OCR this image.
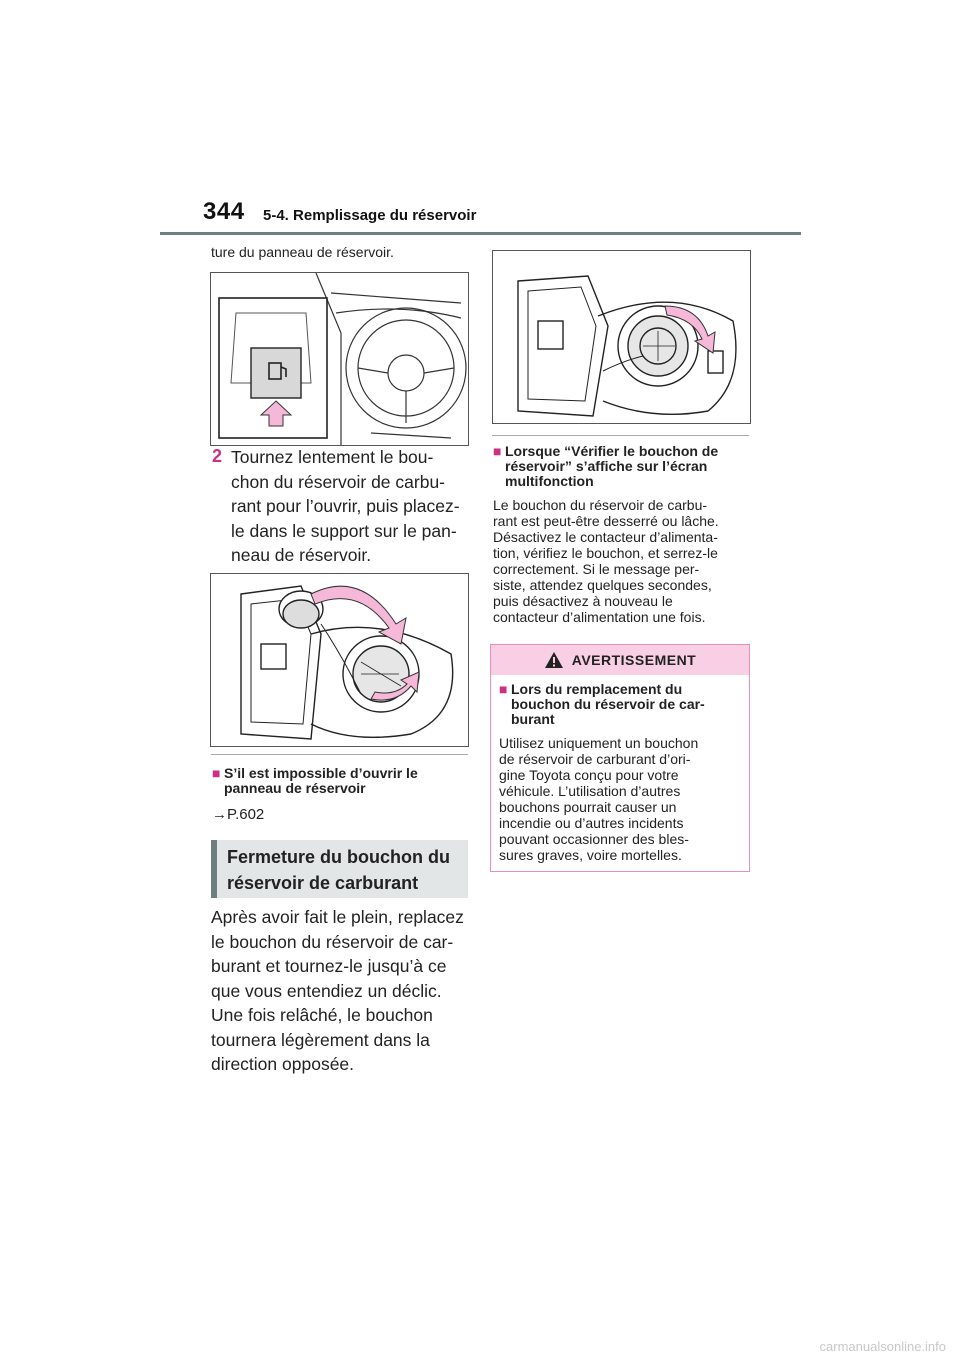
344 5-4. Remplissage du réservoir
ture du panneau de réservoir.
2 Tournez lentement le bou-
chon du réservoir de carbu-
rant pour l’ouvrir, puis placez-
le dans le support sur le pan-
neau de réservoir.
■ S’il est impossible d’ouvrir le
panneau de réservoir
→P.602
Fermeture du bouchon du
réservoir de carburant
Après avoir fait le plein, replacez
le bouchon du réservoir de car-
burant et tournez-le jusqu’à ce
que vous entendiez un déclic.
Une fois relâché, le bouchon
tournera légèrement dans la
direction opposée.
■ Lorsque “Vérifier le bouchon de
réservoir” s’affiche sur l’écran
multifonction
Le bouchon du réservoir de carbu-
rant est peut-être desserré ou lâche.
Désactivez le contacteur d’alimenta-
tion, vérifiez le bouchon, et serrez-le
correctement. Si le message per-
siste, attendez quelques secondes,
puis désactivez à nouveau le
contacteur d’alimentation une fois.
AVERTISSEMENT
■ Lors du remplacement du
bouchon du réservoir de car-
burant
Utilisez uniquement un bouchon
de réservoir de carburant d’ori-
gine Toyota conçu pour votre
véhicule. L’utilisation d’autres
bouchons pourrait causer un
incendie ou d’autres incidents
pouvant occasionner des bles-
sures graves, voire mortelles.
carmanualsonline.info
